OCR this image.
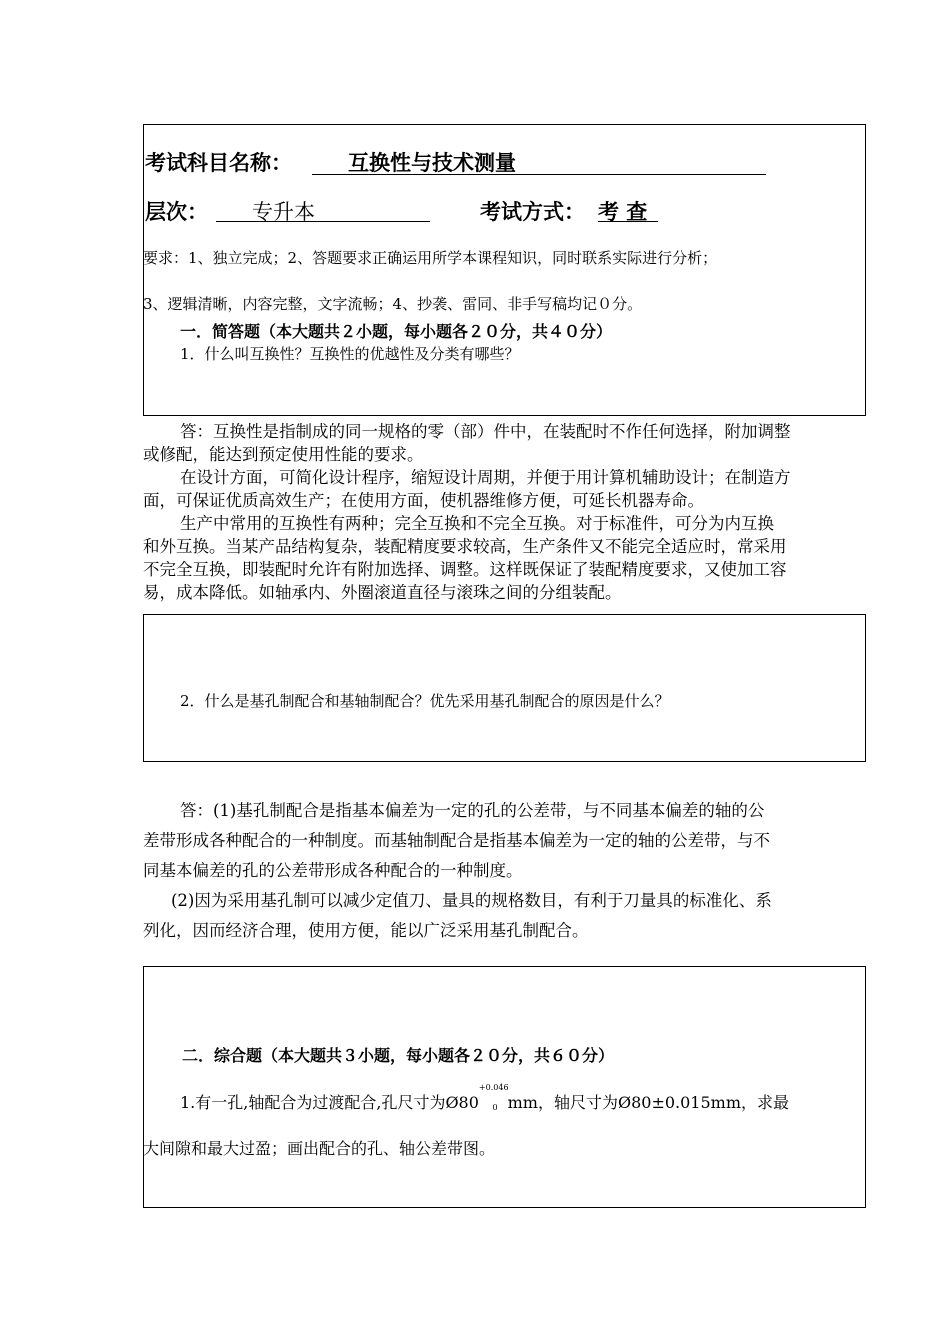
考试科目名称：	互换性与技术测量
层次： 专升本	考试方式： 考 查
要求：1、独立完成；2、答题要求正确运用所学本课程知识，同时联系实际进行分析；
3、逻辑清晰，内容完整，文字流畅；4、抄袭、雷同、非手写稿均记０分。
一．简答题（本大题共２小题，每小题各２０分，共４０分）
1．什么叫互换性？互换性的优越性及分类有哪些？
答：互换性是指制成的同一规格的零（部）件中，在装配时不作任何选择，附加调整
或修配，能达到预定使用性能的要求。
在设计方面，可简化设计程序，缩短设计周期，并便于用计算机辅助设计；在制造方
面，可保证优质高效生产；在使用方面，使机器维修方便，可延长机器寿命。
生产中常用的互换性有两种；完全互换和不完全互换。对于标准件，可分为内互换
和外互换。当某产品结构复杂，装配精度要求较高，生产条件又不能完全适应时，常采用
不完全互换，即装配时允许有附加选择、调整。这样既保证了装配精度要求，又使加工容
易，成本降低。如轴承内、外圈滚道直径与滚珠之间的分组装配。
2．什么是基孔制配合和基轴制配合？优先采用基孔制配合的原因是什么？
答：(1)基孔制配合是指基本偏差为一定的孔的公差带，与不同基本偏差的轴的公
差带形成各种配合的一种制度。而基轴制配合是指基本偏差为一定的轴的公差带，与不
同基本偏差的孔的公差带形成各种配合的一种制度。
(2)因为采用基孔制可以减少定值刀、量具的规格数目，有利于刀量具的标准化、系
列化，因而经济合理，使用方便，能以广泛采用基孔制配合。
二．综合题（本大题共３小题，每小题各２０分，共６０分）
1.有一孔,轴配合为过渡配合,孔尺寸为$Ø80^{+0.046}_0$ mm，轴尺寸为Ø80±0.015mm，求最
大间隙和最大过盈；画出配合的孔、轴公差带图。
